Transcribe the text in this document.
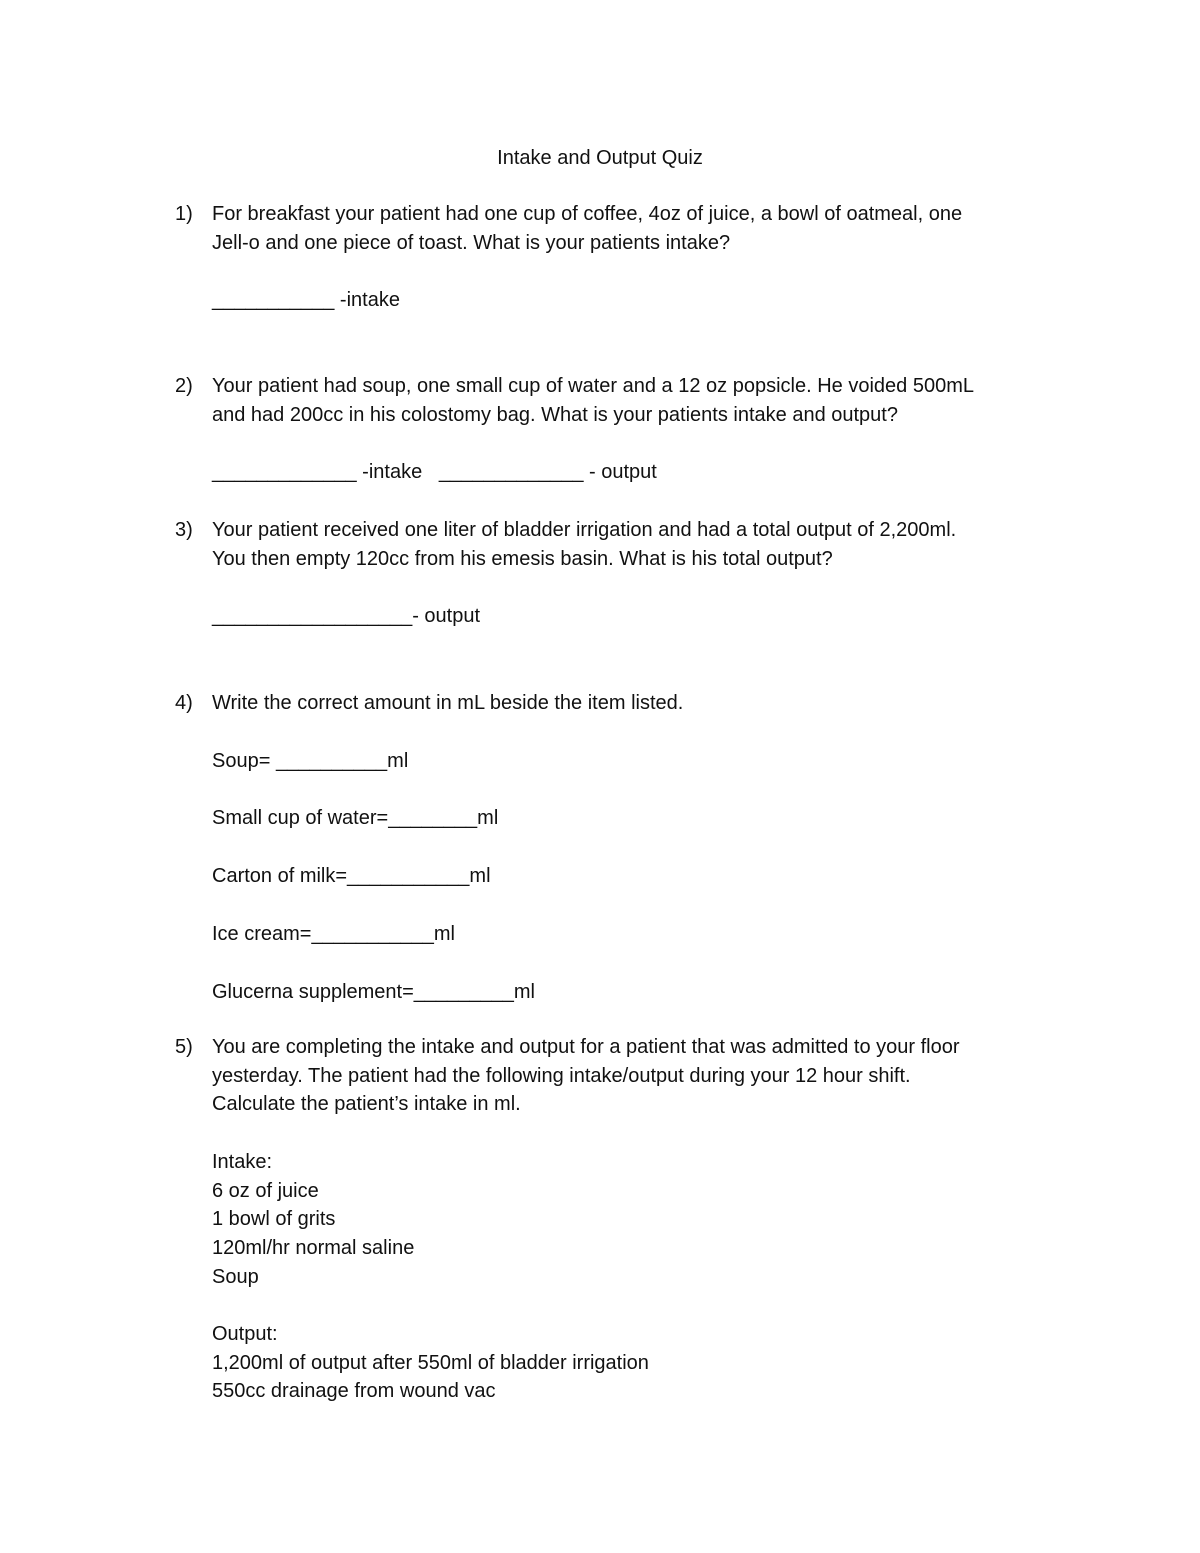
Intake and Output Quiz
1) For breakfast your patient had one cup of coffee, 4oz of juice, a bowl of oatmeal, one
Jell-o and one piece of toast. What is your patients intake?
___________ -intake
2) Your patient had soup, one small cup of water and a 12 oz popsicle. He voided 500mL
and had 200cc in his colostomy bag. What is your patients intake and output?
_____________ -intake   _____________ - output
3) Your patient received one liter of bladder irrigation and had a total output of 2,200ml.
You then empty 120cc from his emesis basin. What is his total output?
__________________- output
4) Write the correct amount in mL beside the item listed.
Soup= __________ml
Small cup of water=________ml
Carton of milk=___________ml
Ice cream=___________ml
Glucerna supplement=_________ml
5) You are completing the intake and output for a patient that was admitted to your floor
yesterday. The patient had the following intake/output during your 12 hour shift.
Calculate the patient’s intake in ml.
Intake:
6 oz of juice
1 bowl of grits
120ml/hr normal saline
Soup
Output:
1,200ml of output after 550ml of bladder irrigation
550cc drainage from wound vac
